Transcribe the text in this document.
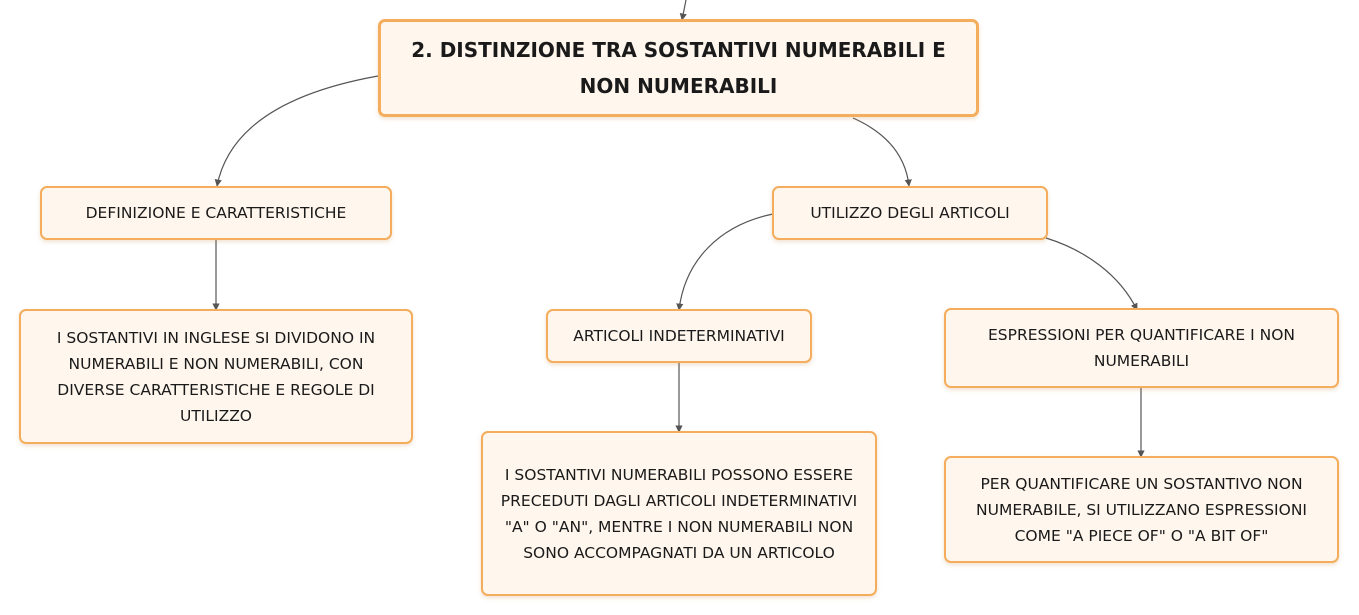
2. DISTINZIONE TRA SOSTANTIVI NUMERABILI E NON NUMERABILI
DEFINIZIONE E CARATTERISTICHE
I SOSTANTIVI IN INGLESE SI DIVIDONO IN NUMERABILI E NON NUMERABILI, CON DIVERSE CARATTERISTICHE E REGOLE DI UTILIZZO
UTILIZZO DEGLI ARTICOLI
ARTICOLI INDETERMINATIVI
I SOSTANTIVI NUMERABILI POSSONO ESSERE PRECEDUTI DAGLI ARTICOLI INDETERMINATIVI "A" O "AN", MENTRE I NON NUMERABILI NON SONO ACCOMPAGNATI DA UN ARTICOLO
ESPRESSIONI PER QUANTIFICARE I NON NUMERABILI
PER QUANTIFICARE UN SOSTANTIVO NON NUMERABILE, SI UTILIZZANO ESPRESSIONI COME "A PIECE OF" O "A BIT OF"
